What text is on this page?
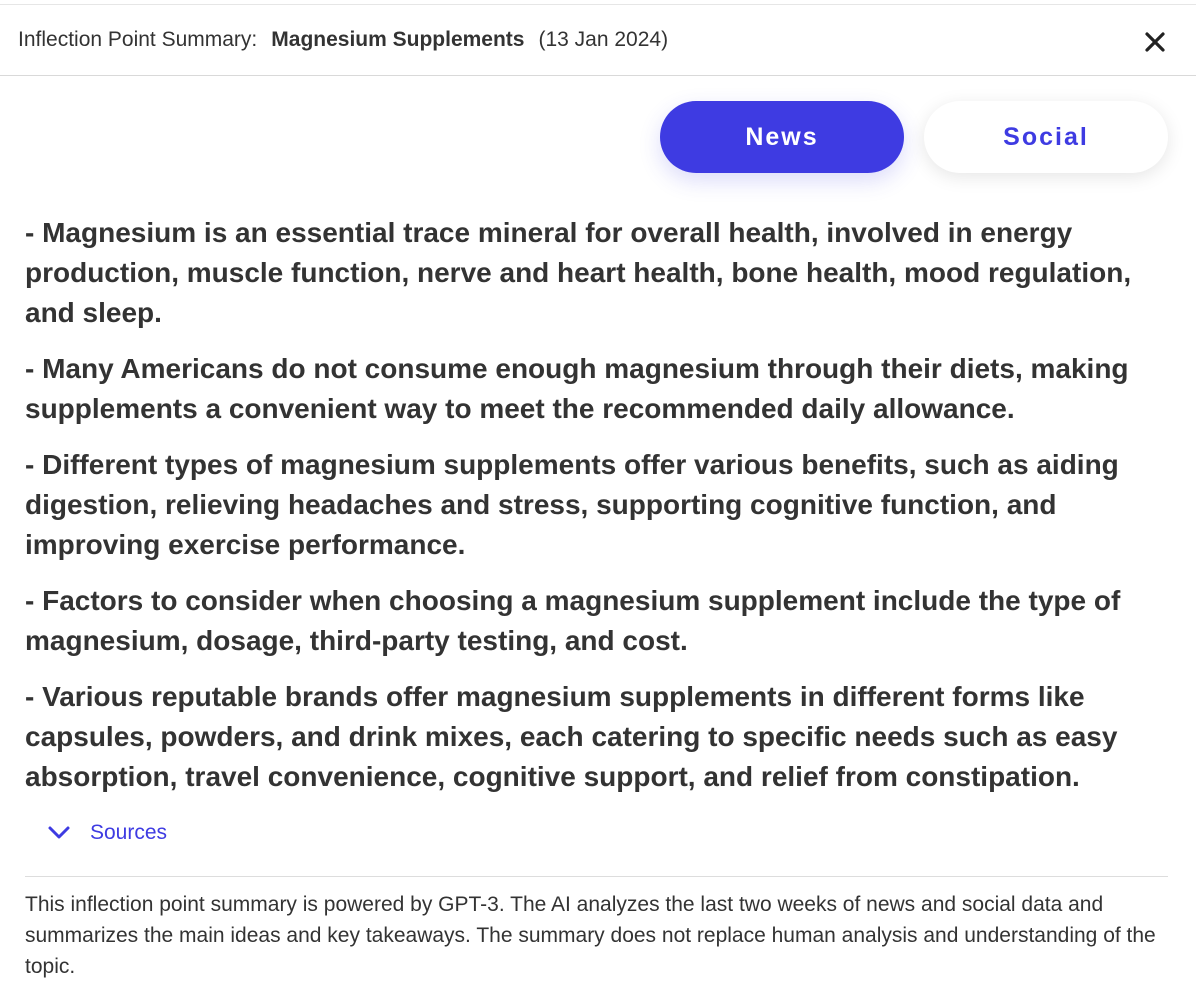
Inflection Point Summary: Magnesium Supplements (13 Jan 2024)
News	Social

- Magnesium is an essential trace mineral for overall health, involved in energy production, muscle function, nerve and heart health, bone health, mood regulation, and sleep.

- Many Americans do not consume enough magnesium through their diets, making supplements a convenient way to meet the recommended daily allowance.

- Different types of magnesium supplements offer various benefits, such as aiding digestion, relieving headaches and stress, supporting cognitive function, and improving exercise performance.

- Factors to consider when choosing a magnesium supplement include the type of magnesium, dosage, third-party testing, and cost.

- Various reputable brands offer magnesium supplements in different forms like capsules, powders, and drink mixes, each catering to specific needs such as easy absorption, travel convenience, cognitive support, and relief from constipation.

Sources
This inflection point summary is powered by GPT-3. The AI analyzes the last two weeks of news and social data and summarizes the main ideas and key takeaways. The summary does not replace human analysis and understanding of the topic.
